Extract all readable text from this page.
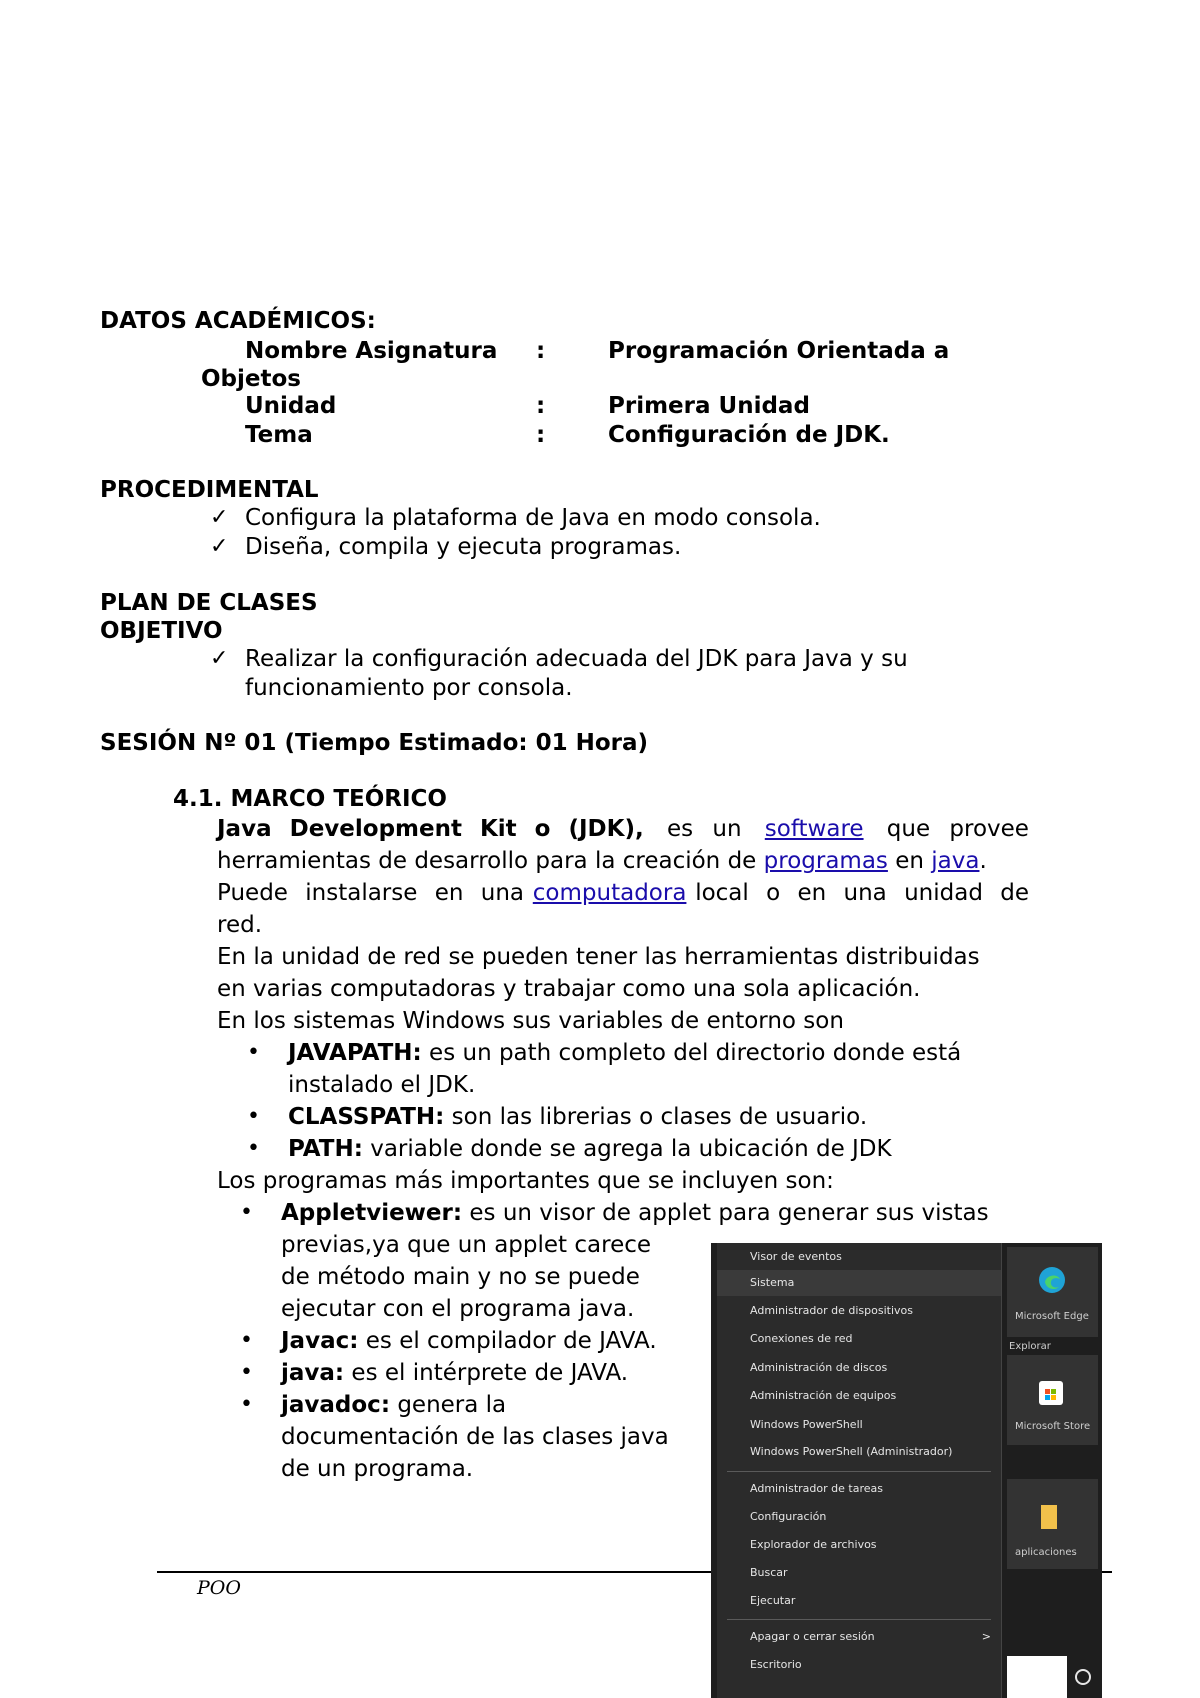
DATOS ACADÉMICOS:
Nombre Asignatura :	Programación Orientada a
Objetos
Unidad	:	Primera Unidad
Tema	:	Configuración de JDK.
PROCEDIMENTAL
✓ Configura la plataforma de Java en modo consola.
✓ Diseña, compila y ejecuta programas.
PLAN DE CLASES
OBJETIVO
✓ Realizar la configuración adecuada del JDK para Java y su
funcionamiento por consola.
SESIÓN Nº 01 (Tiempo Estimado: 01 Hora)
4.1. MARCO TEÓRICO
Java Development Kit o (JDK), es un software que provee
herramientas de desarrollo para la creación de programas en java.
Puede instalarse en una computadora local o en una unidad de
red.
En la unidad de red se pueden tener las herramientas distribuidas
en varias computadoras y trabajar como una sola aplicación.
En los sistemas Windows sus variables de entorno son
• JAVAPATH: es un path completo del directorio donde está
instalado el JDK.
• CLASSPATH: son las librerias o clases de usuario.
• PATH: variable donde se agrega la ubicación de JDK
Los programas más importantes que se incluyen son:
• Appletviewer: es un visor de applet para generar sus vistas
previas,ya que un applet carece
de método main y no se puede
ejecutar con el programa java.
• Javac: es el compilador de JAVA.
• java: es el intérprete de JAVA.
• javadoc: genera la
documentación de las clases java
de un programa.
POO
Visor de eventos
Sistema
Administrador de dispositivos
Conexiones de red
Administración de discos
Administración de equipos
Windows PowerShell
Windows PowerShell (Administrador)
Administrador de tareas
Configuración
Explorador de archivos
Buscar
Ejecutar
Apagar o cerrar sesión	>
Escritorio
Microsoft Edge
Explorar
Microsoft Store
aplicaciones
